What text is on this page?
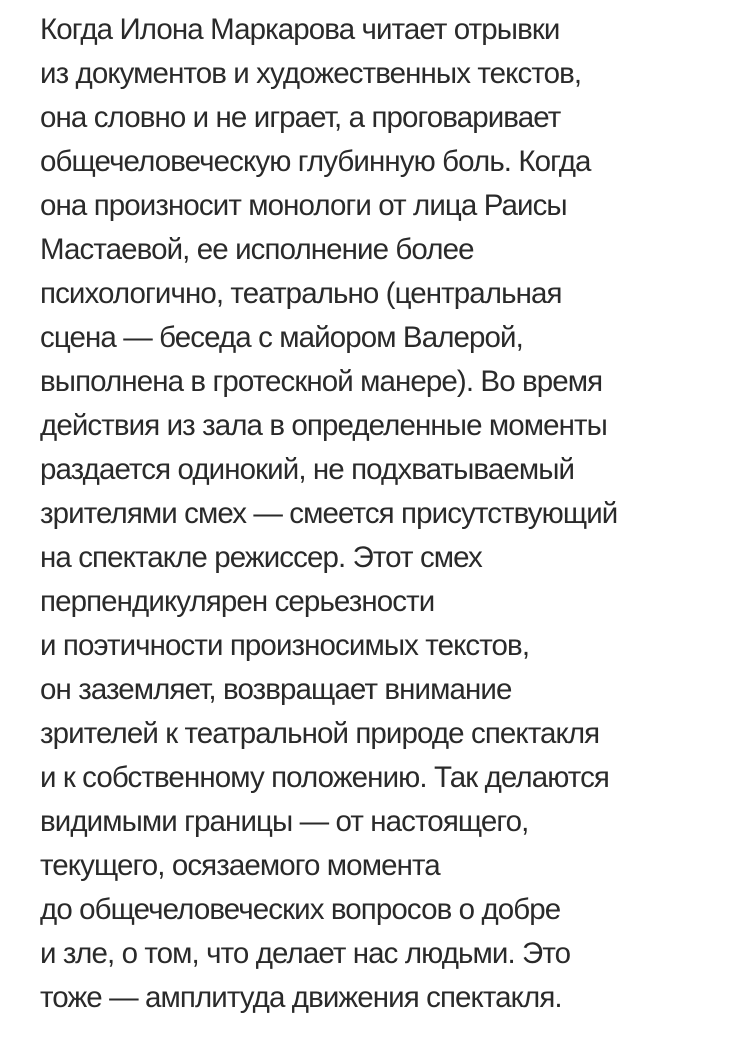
Когда Илона Маркарова читает отрывки
из документов и художественных текстов,
она словно и не играет, а проговаривает
общечеловеческую глубинную боль. Когда
она произносит монологи от лица Раисы
Мастаевой, ее исполнение более
психологично, театрально (центральная
сцена — беседа с майором Валерой,
выполнена в гротескной манере). Во время
действия из зала в определенные моменты
раздается одинокий, не подхватываемый
зрителями смех — смеется присутствующий
на спектакле режиссер. Этот смех
перпендикулярен серьезности
и поэтичности произносимых текстов,
он заземляет, возвращает внимание
зрителей к театральной природе спектакля
и к собственному положению. Так делаются
видимыми границы — от настоящего,
текущего, осязаемого момента
до общечеловеческих вопросов о добре
и зле, о том, что делает нас людьми. Это
тоже — амплитуда движения спектакля.
